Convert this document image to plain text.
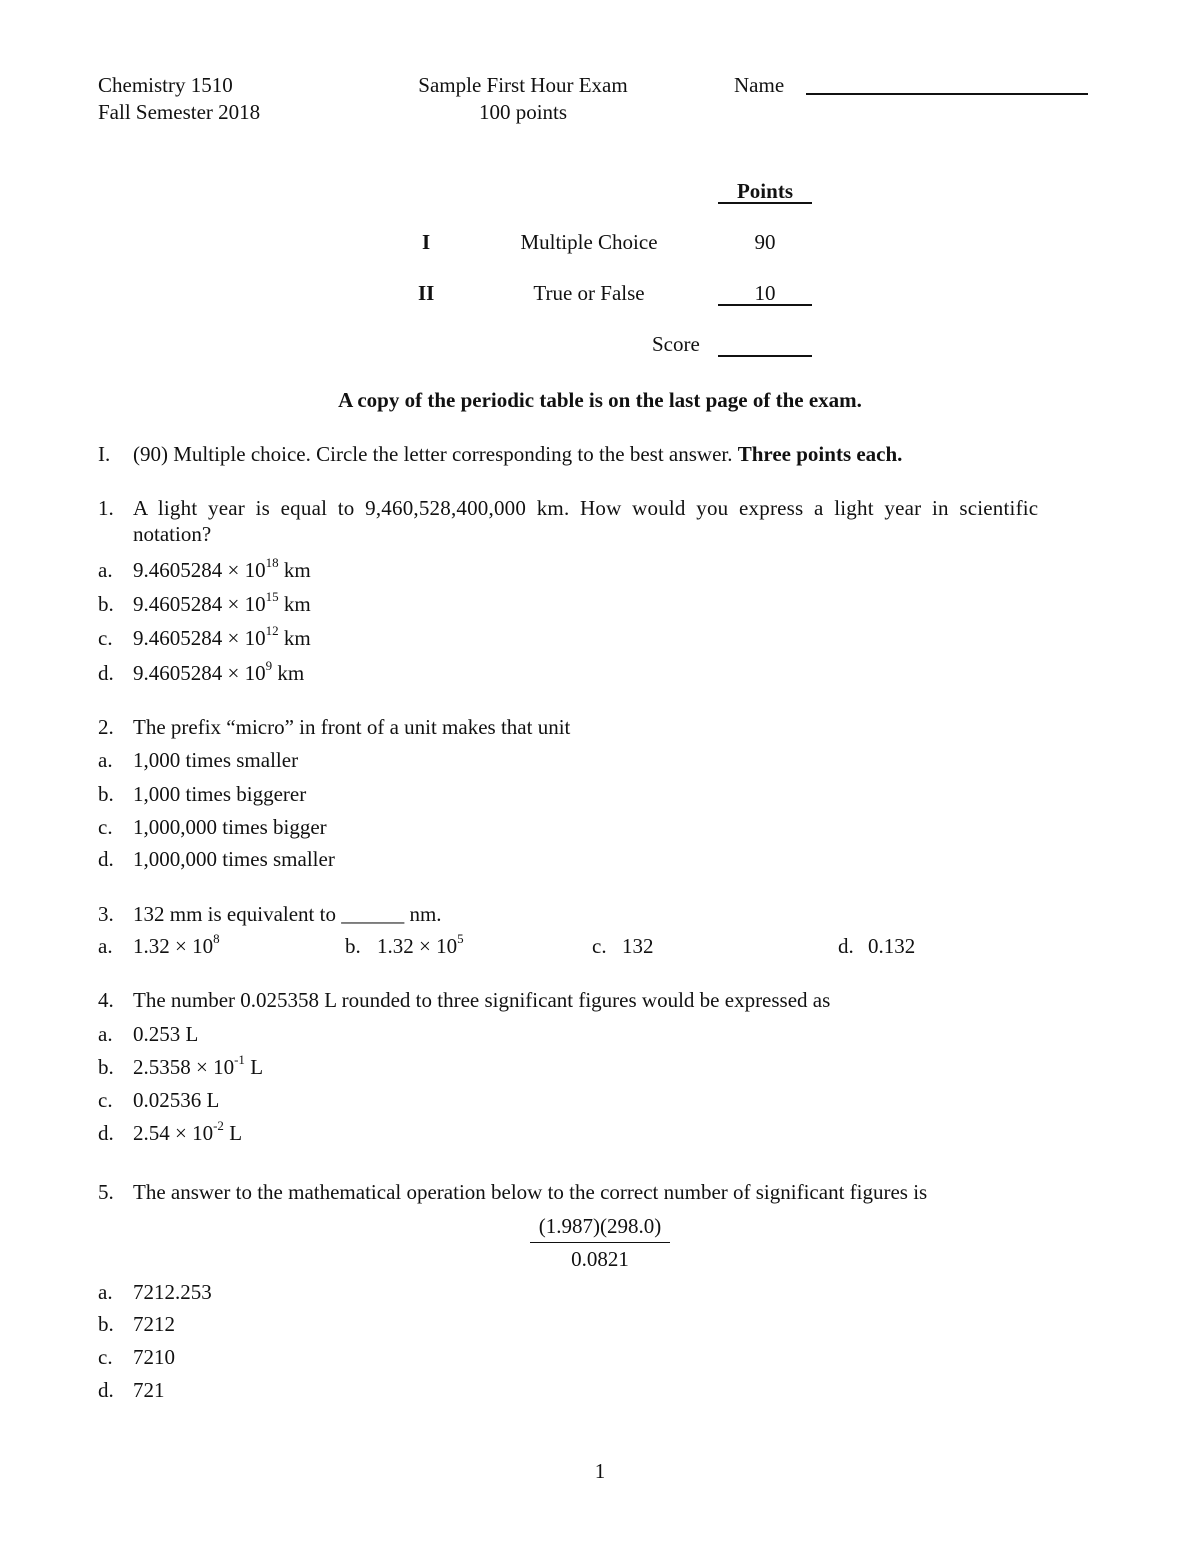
Chemistry 1510
Fall Semester 2018
Sample First Hour Exam
100 points
Name
Points
I	Multiple Choice	90
II	True or False	10
Score
A copy of the periodic table is on the last page of the exam.
I. (90) Multiple choice. Circle the letter corresponding to the best answer. Three points each.
1. A light year is equal to 9,460,528,400,000 km. How would you express a light year in scientific
notation?
a. $9.4605284 \times 10^{18}$ km
b. $9.4605284 \times 10^{15}$ km
c. $9.4605284 \times 10^{12}$ km
d. $9.4605284 \times 10^9$ km
2. The prefix “micro” in front of a unit makes that unit
a. 1,000 times smaller
b. 1,000 times biggerer
c. 1,000,000 times bigger
d. 1,000,000 times smaller
3. 132 mm is equivalent to ______ nm.
a. $1.32 \times 10^8$	b. $1.32 \times 10^5$	c. 132	d. 0.132
4. The number 0.025358 L rounded to three significant figures would be expressed as
a. 0.253 L
b. $2.5358 \times 10^{-1}$ L
c. 0.02536 L
d. $2.54 \times 10^{-2}$ L
5. The answer to the mathematical operation below to the correct number of significant figures is
(1.987)(298.0)
0.0821
a. 7212.253
b. 7212
c. 7210
d. 721
1
